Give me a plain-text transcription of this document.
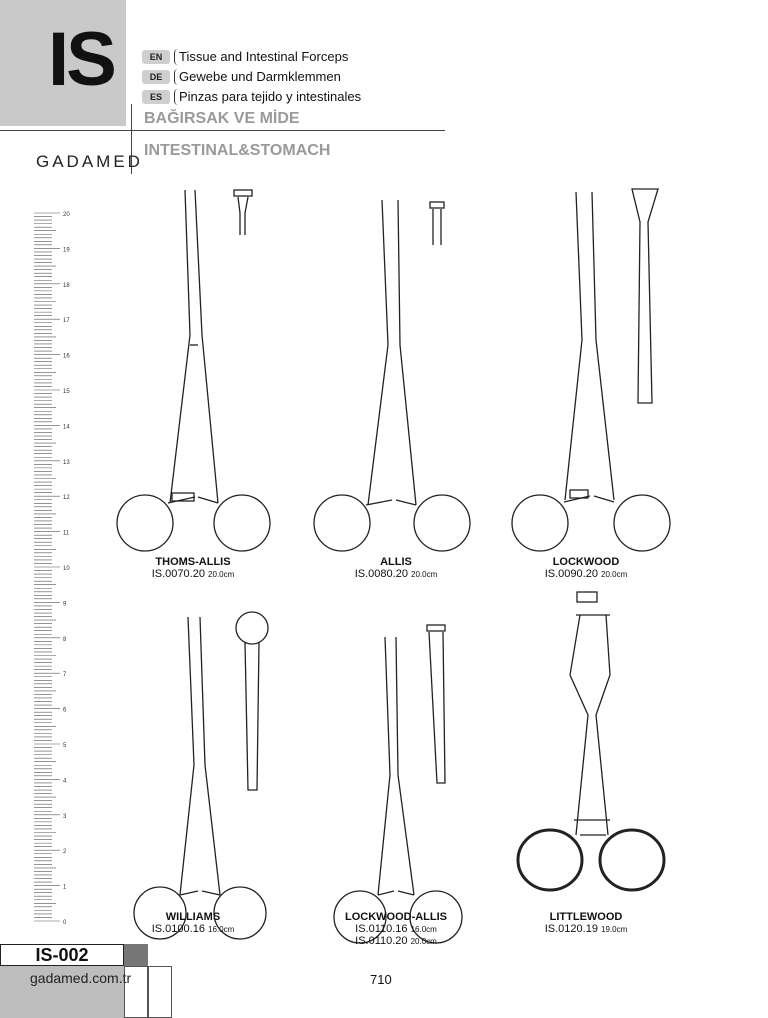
IS	EN	Tissue and Intestinal Forceps
DE	Gewebe und Darmklemmen
ES	Pinzas para tejido y intestinales
BAĞIRSAK VE MİDE
INTESTINAL&STOMACH
GADAMED
20
19
18
17
16
15
14
13
12
11
10
9
8
7
6
5
4
3
2
1
0
THOMS-ALLIS
IS.0070.20 20.0cm
ALLIS
IS.0080.20 20.0cm
LOCKWOOD
IS.0090.20 20.0cm
WILLIAMS
IS.0100.16 16.0cm
LOCKWOOD-ALLIS
IS.0110.16 16.0cm
IS.0110.20 20.0cm
LITTLEWOOD
IS.0120.19 19.0cm
IS-002
gadamed.com.tr	710
